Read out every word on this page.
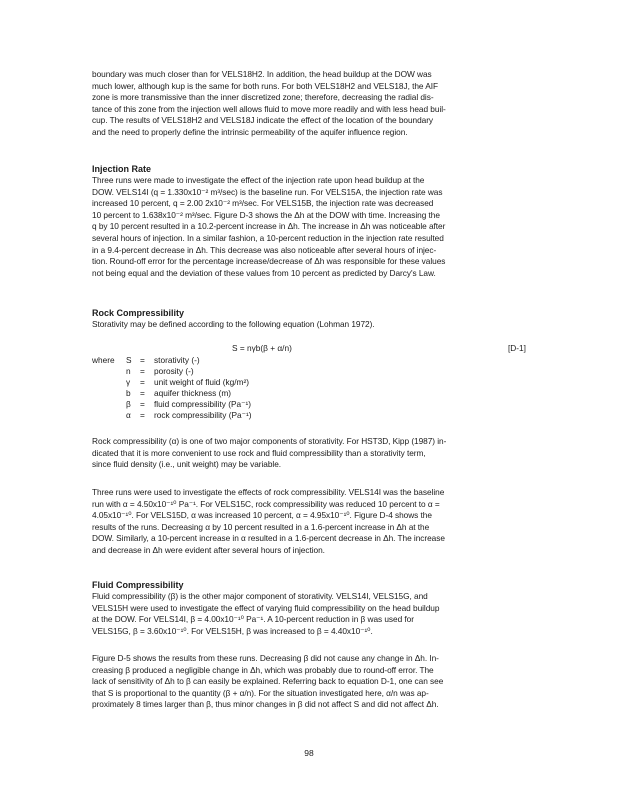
boundary was much closer than for VELS18H2. In addition, the head buildup at the DOW was
much lower, although kup is the same for both runs. For both VELS18H2 and VELS18J, the AIF
zone is more transmissive than the inner discretized zone; therefore, decreasing the radial dis-
tance of this zone from the injection well allows fluid to move more readily and with less head buil-
cup. The results of VELS18H2 and VELS18J indicate the effect of the location of the boundary
and the need to properly define the intrinsic permeability of the aquifer influence region.
Injection Rate
Three runs were made to investigate the effect of the injection rate upon head buildup at the
DOW. VELS14I (q = 1.330x10⁻² m³/sec) is the baseline run. For VELS15A, the injection rate was
increased 10 percent, q = 2.00 2x10⁻² m³/sec. For VELS15B, the injection rate was decreased
10 percent to 1.638x10⁻² m³/sec. Figure D-3 shows the Δh at the DOW with time. Increasing the
q by 10 percent resulted in a 10.2-percent increase in Δh. The increase in Δh was noticeable after
several hours of injection. In a similar fashion, a 10-percent reduction in the injection rate resulted
in a 9.4-percent decrease in Δh. This decrease was also noticeable after several hours of injec-
tion. Round-off error for the percentage increase/decrease of Δh was responsible for these values
not being equal and the deviation of these values from 10 percent as predicted by Darcy's Law.
Rock Compressibility
Storativity may be defined according to the following equation (Lohman 1972).
S = nγb(β + α/n)	[D-1]
where S = storativity (-)
n = porosity (-)
γ = unit weight of fluid (kg/m²)
b = aquifer thickness (m)
β = fluid compressibility (Pa⁻¹)
α = rock compressibility (Pa⁻¹)
Rock compressibility (α) is one of two major components of storativity. For HST3D, Kipp (1987) in-
dicated that it is more convenient to use rock and fluid compressibility than a storativity term,
since fluid density (i.e., unit weight) may be variable.
Three runs were used to investigate the effects of rock compressibility. VELS14I was the baseline
run with α = 4.50x10⁻¹⁰ Pa⁻¹. For VELS15C, rock compressibility was reduced 10 percent to α =
4.05x10⁻¹⁰. For VELS15D, α was increased 10 percent, α = 4.95x10⁻¹⁰. Figure D-4 shows the
results of the runs. Decreasing α by 10 percent resulted in a 1.6-percent increase in Δh at the
DOW. Similarly, a 10-percent increase in α resulted in a 1.6-percent decrease in Δh. The increase
and decrease in Δh were evident after several hours of injection.
Fluid Compressibility
Fluid compressibility (β) is the other major component of storativity. VELS14I, VELS15G, and
VELS15H were used to investigate the effect of varying fluid compressibility on the head buildup
at the DOW. For VELS14I, β = 4.00x10⁻¹⁰ Pa⁻¹. A 10-percent reduction in β was used for
VELS15G, β = 3.60x10⁻¹⁰. For VELS15H, β was increased to β = 4.40x10⁻¹⁰.
Figure D-5 shows the results from these runs. Decreasing β did not cause any change in Δh. In-
creasing β produced a negligible change in Δh, which was probably due to round-off error. The
lack of sensitivity of Δh to β can easily be explained. Referring back to equation D-1, one can see
that S is proportional to the quantity (β + α/n). For the situation investigated here, α/n was ap-
proximately 8 times larger than β, thus minor changes in β did not affect S and did not affect Δh.
98
